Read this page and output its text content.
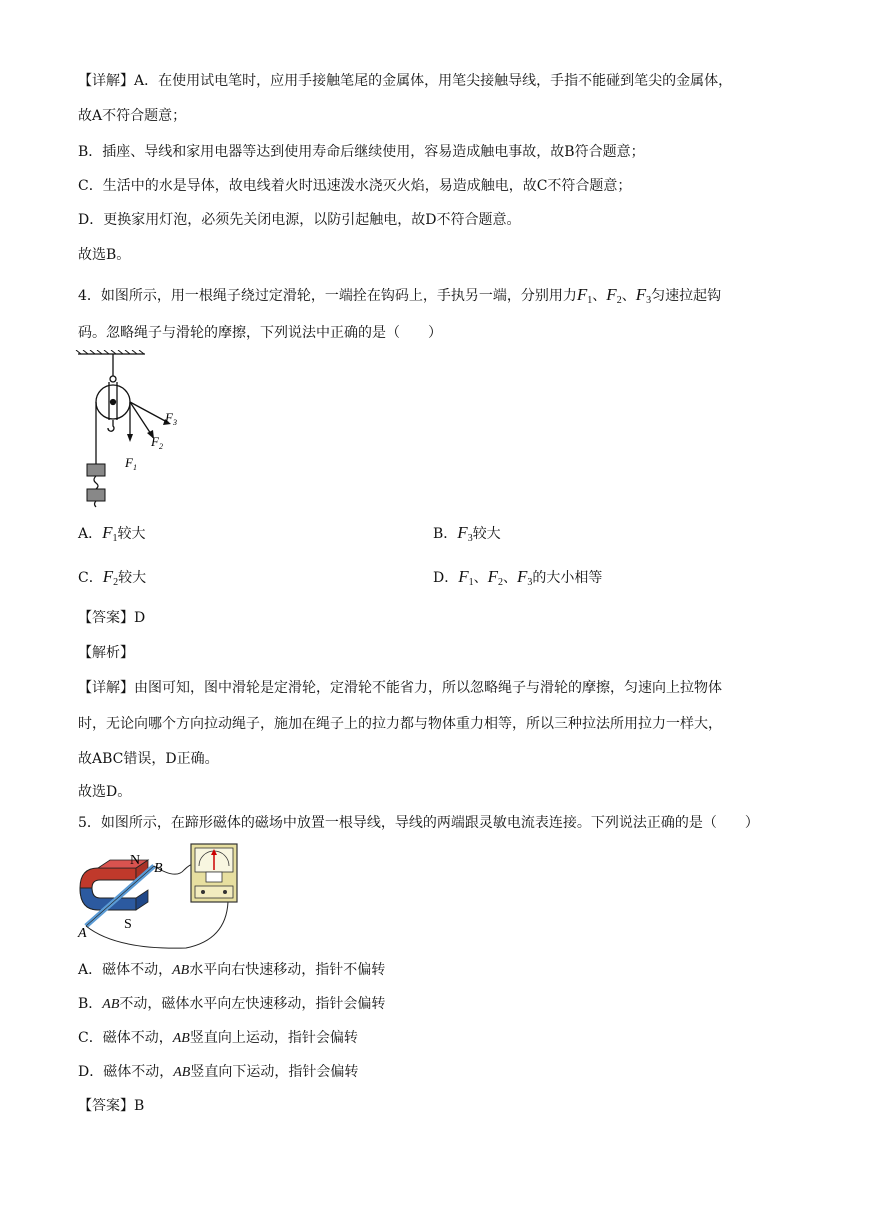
【详解】A．在使用试电笔时，应用手接触笔尾的金属体，用笔尖接触导线，手指不能碰到笔尖的金属体，
故A不符合题意；
B．插座、导线和家用电器等达到使用寿命后继续使用，容易造成触电事故，故B符合题意；
C．生活中的水是导体，故电线着火时迅速泼水浇灭火焰，易造成触电，故C不符合题意；
D．更换家用灯泡，必须先关闭电源，以防引起触电，故D不符合题意。
故选B。
4．如图所示，用一根绳子绕过定滑轮，一端拴在钩码上，手执另一端，分别用力$F_1$、$F_2$、$F_3$匀速拉起钩
码。忽略绳子与滑轮的摩擦，下列说法中正确的是（　　）
$F_3$
$F_2$
$F_1$
A．$F_1$较大	B．$F_3$较大
C．$F_2$较大	D．$F_1$、$F_2$、$F_3$的大小相等
【答案】D
【解析】
【详解】由图可知，图中滑轮是定滑轮，定滑轮不能省力，所以忽略绳子与滑轮的摩擦，匀速向上拉物体
时，无论向哪个方向拉动绳子，施加在绳子上的拉力都与物体重力相等，所以三种拉法所用拉力一样大，
故ABC错误，D正确。
故选D。
5．如图所示，在蹄形磁体的磁场中放置一根导线，导线的两端跟灵敏电流表连接。下列说法正确的是（　　）
N
S
A
B
A．磁体不动，AB水平向右快速移动，指针不偏转
B．AB不动，磁体水平向左快速移动，指针会偏转
C．磁体不动，AB竖直向上运动，指针会偏转
D．磁体不动，AB竖直向下运动，指针会偏转
【答案】B
